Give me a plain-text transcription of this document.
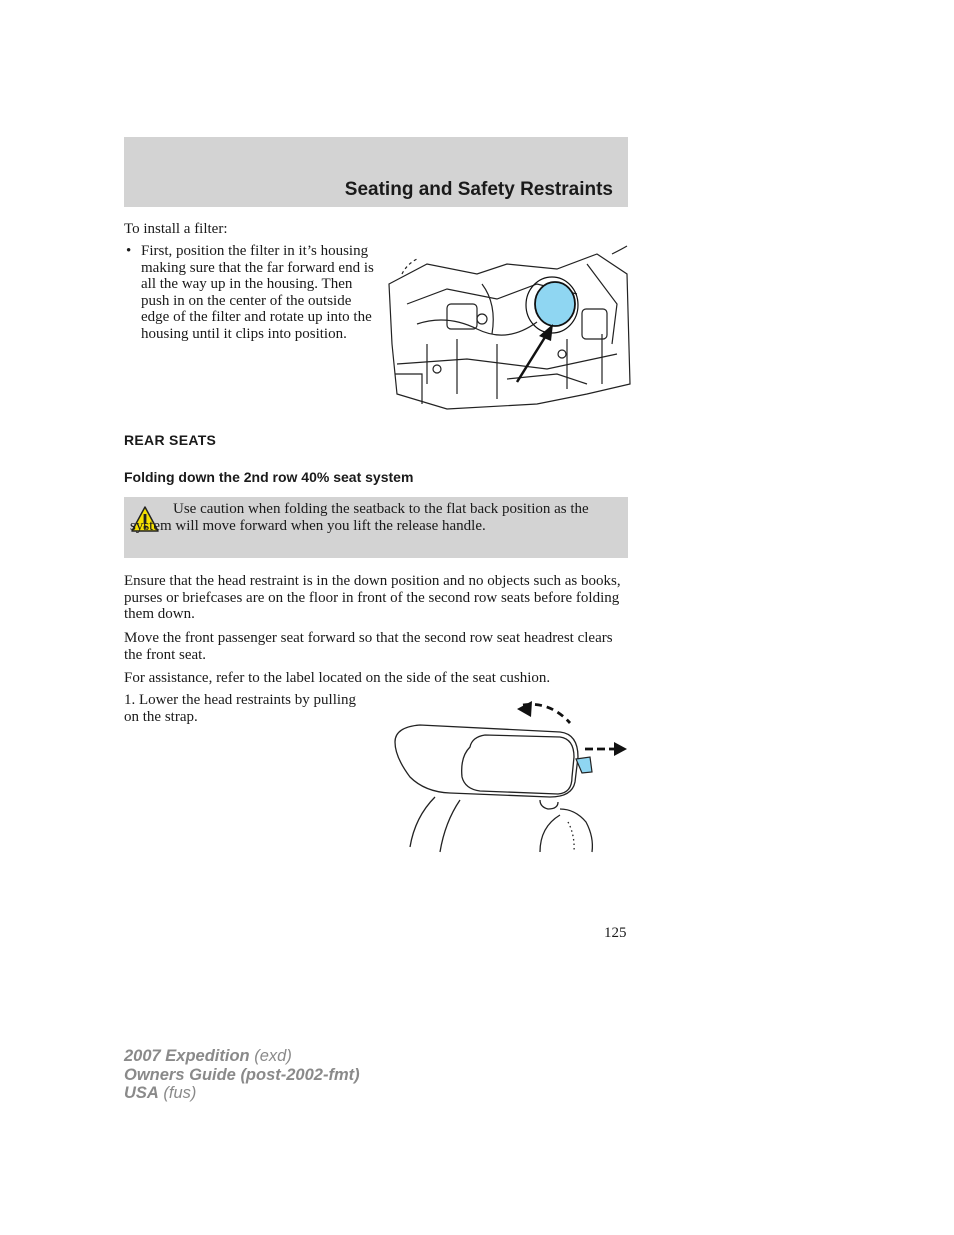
Seating and Safety Restraints
To install a filter:
• First, position the filter in it’s housing making sure that the far forward end is all the way up in the housing. Then push in on the center of the outside edge of the filter and rotate up into the housing until it clips into position.
REAR SEATS
Folding down the 2nd row 40% seat system
Use caution when folding the seatback to the flat back position as the system will move forward when you lift the release handle.
Ensure that the head restraint is in the down position and no objects such as books, purses or briefcases are on the floor in front of the second row seats before folding them down.
Move the front passenger seat forward so that the second row seat headrest clears the front seat.
For assistance, refer to the label located on the side of the seat cushion.
1. Lower the head restraints by pulling on the strap.
125
2007 Expedition (exd)
Owners Guide (post-2002-fmt)
USA (fus)
